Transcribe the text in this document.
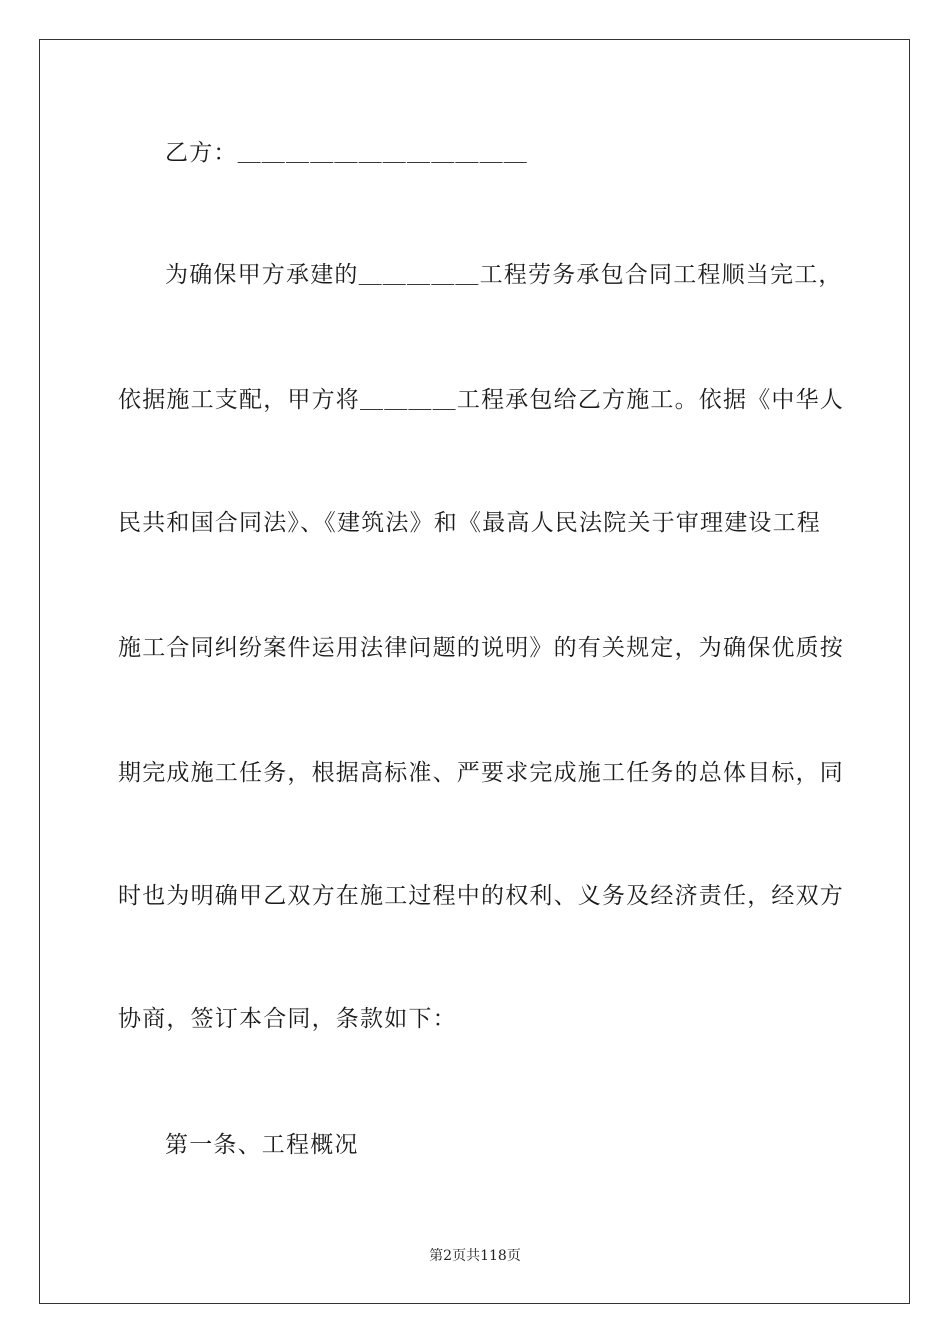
乙方：＿＿＿＿＿＿＿＿＿＿＿＿
为确保甲方承建的＿＿＿＿＿工程劳务承包合同工程顺当完工，
依据施工支配，甲方将＿＿＿＿工程承包给乙方施工。依据《中华人
民共和国合同法》、《建筑法》和《最高人民法院关于审理建设工程
施工合同纠纷案件运用法律问题的说明》的有关规定，为确保优质按
期完成施工任务，根据高标准、严要求完成施工任务的总体目标，同
时也为明确甲乙双方在施工过程中的权利、义务及经济责任，经双方
协商，签订本合同，条款如下：
第一条、工程概况
第2页共118页
